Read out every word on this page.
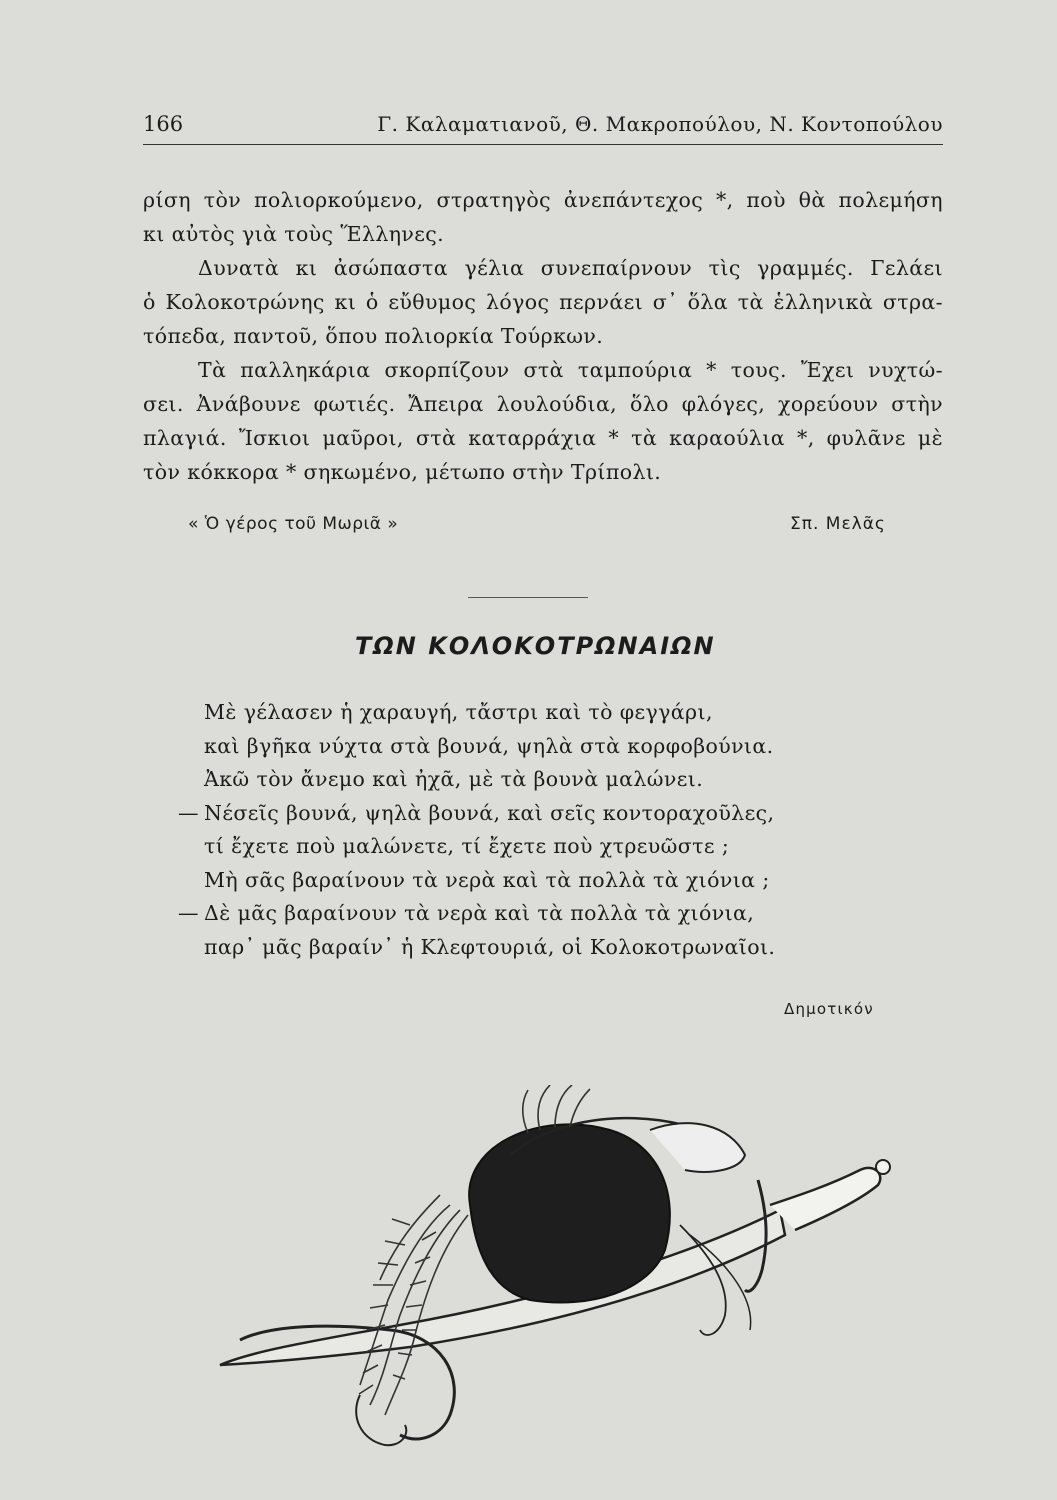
166	Γ. Καλαματιανοῦ, Θ. Μακροπούλου, Ν. Κοντοπούλου
ρίση τὸν πολιορκούμενο, στρατηγὸς ἀνεπάντεχος *, ποὺ θὰ πολεμήση
κι αὐτὸς γιὰ τοὺς Ἕλληνες.
Δυνατὰ κι ἀσώπαστα γέλια συνεπαίρνουν τὶς γραμμές. Γελάει
ὁ Κολοκοτρώνης κι ὁ εὔθυμος λόγος περνάει σ᾽ ὅλα τὰ ἑλληνικὰ στρα-
τόπεδα, παντοῦ, ὅπου πολιορκία Τούρκων.
Τὰ παλληκάρια σκορπίζουν στὰ ταμπούρια * τους. Ἔχει νυχτώ-
σει. Ἀνάβουνε φωτιές. Ἄπειρα λουλούδια, ὅλο φλόγες, χορεύουν στὴν
πλαγιά. Ἴσκιοι μαῦροι, στὰ καταρράχια * τὰ καραούλια *, φυλᾶνε μὲ
τὸν κόκκορα * σηκωμένο, μέτωπο στὴν Τρίπολι.
« Ὁ γέρος τοῦ Μωριᾶ »	Σπ. Μελᾶς
ΤΩΝ ΚΟΛΟΚΟΤΡΩΝΑΙΩΝ
Μὲ γέλασεν ἡ χαραυγή, τἄστρι καὶ τὸ φεγγάρι,
καὶ βγῆκα νύχτα στὰ βουνά, ψηλὰ στὰ κορφοβούνια.
Ἀκῶ τὸν ἄνεμο καὶ ἠχᾶ, μὲ τὰ βουνὰ μαλώνει.
— Νέσεῖς βουνά, ψηλὰ βουνά, καὶ σεῖς κοντοραχοῦλες,
τί ἔχετε ποὺ μαλώνετε, τί ἔχετε ποὺ χτρευῶστε ;
Μὴ σᾶς βαραίνουν τὰ νερὰ καὶ τὰ πολλὰ τὰ χιόνια ;
— Δὲ μᾶς βαραίνουν τὰ νερὰ καὶ τὰ πολλὰ τὰ χιόνια,
παρ᾽ μᾶς βαραίν᾽ ἡ Κλεφτουριά, οἱ Κολοκοτρωναῖοι.
Δημοτικόν
